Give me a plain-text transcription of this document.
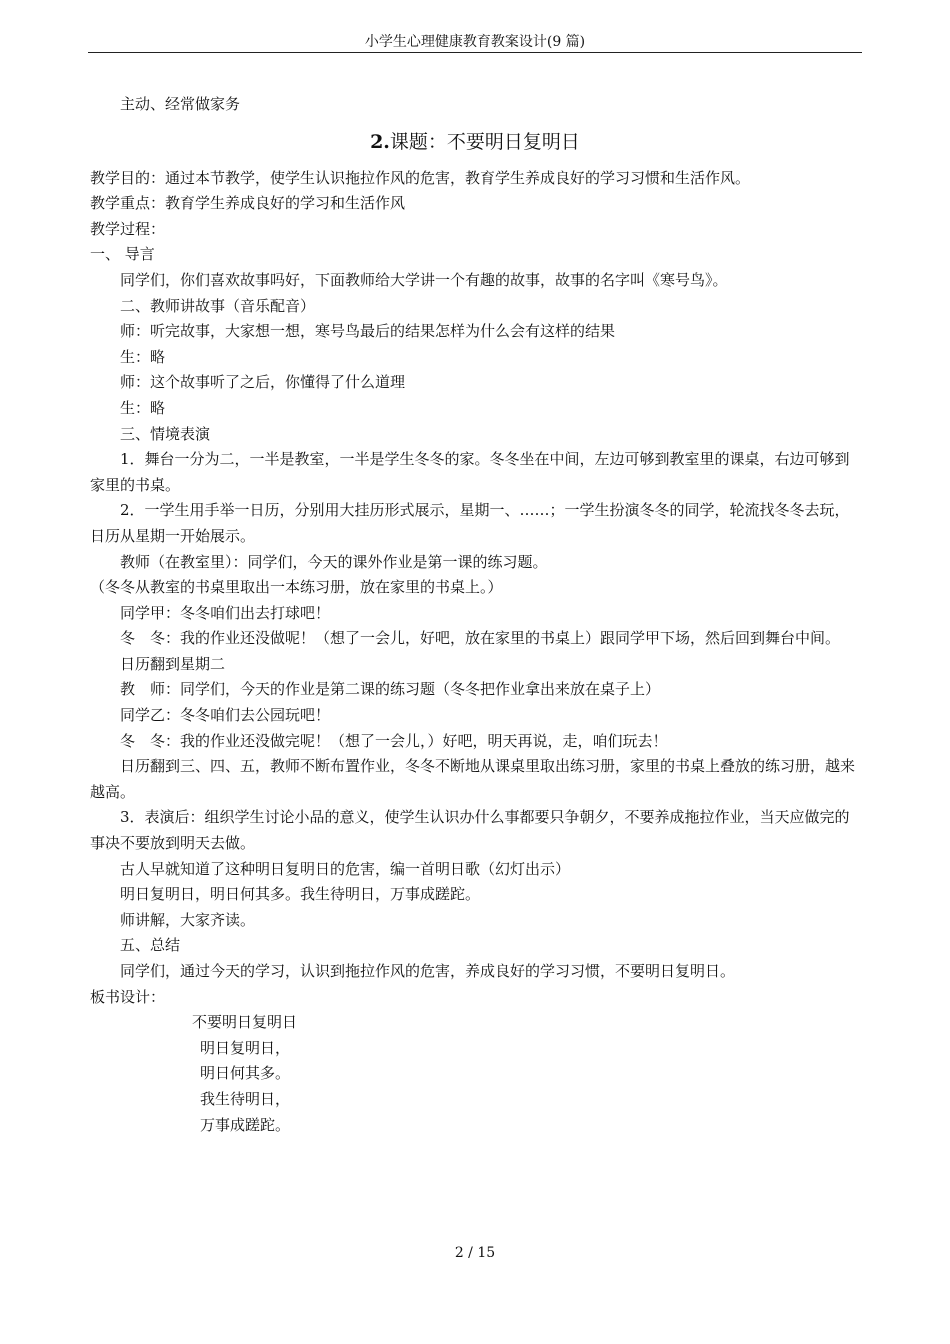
小学生心理健康教育教案设计(9 篇)

主动、经常做家务

2.课题：不要明日复明日

教学目的：通过本节教学，使学生认识拖拉作风的危害，教育学生养成良好的学习习惯和生活作风。

教学重点：教育学生养成良好的学习和生活作风

教学过程：

一、 导言

同学们，你们喜欢故事吗好，下面教师给大学讲一个有趣的故事，故事的名字叫《寒号鸟》。

二、教师讲故事（音乐配音）

师：听完故事，大家想一想，寒号鸟最后的结果怎样为什么会有这样的结果

生：略

师：这个故事听了之后，你懂得了什么道理

生：略

三、情境表演

1．舞台一分为二，一半是教室，一半是学生冬冬的家。冬冬坐在中间，左边可够到教室里的课桌，右边可够到家里的书桌。

2．一学生用手举一日历，分别用大挂历形式展示，星期一、……；一学生扮演冬冬的同学，轮流找冬冬去玩，日历从星期一开始展示。

教师（在教室里）：同学们，今天的课外作业是第一课的练习题。

（冬冬从教室的书桌里取出一本练习册，放在家里的书桌上。）

同学甲：冬冬咱们出去打球吧！

冬　冬：我的作业还没做呢！（想了一会儿，好吧，放在家里的书桌上）跟同学甲下场，然后回到舞台中间。

日历翻到星期二

教　师：同学们，今天的作业是第二课的练习题（冬冬把作业拿出来放在桌子上）

同学乙：冬冬咱们去公园玩吧！

冬　冬：我的作业还没做完呢！（想了一会儿，）好吧，明天再说，走，咱们玩去！

日历翻到三、四、五，教师不断布置作业，冬冬不断地从课桌里取出练习册，家里的书桌上叠放的练习册，越来越高。

3．表演后：组织学生讨论小品的意义，使学生认识办什么事都要只争朝夕，不要养成拖拉作业，当天应做完的事决不要放到明天去做。

古人早就知道了这种明日复明日的危害，编一首明日歌（幻灯出示）

明日复明日，明日何其多。我生待明日，万事成蹉跎。

师讲解，大家齐读。

五、总结

同学们，通过今天的学习，认识到拖拉作风的危害，养成良好的学习习惯，不要明日复明日。

板书设计：

不要明日复明日

明日复明日，

明日何其多。

我生待明日，

万事成蹉跎。

2 / 15
